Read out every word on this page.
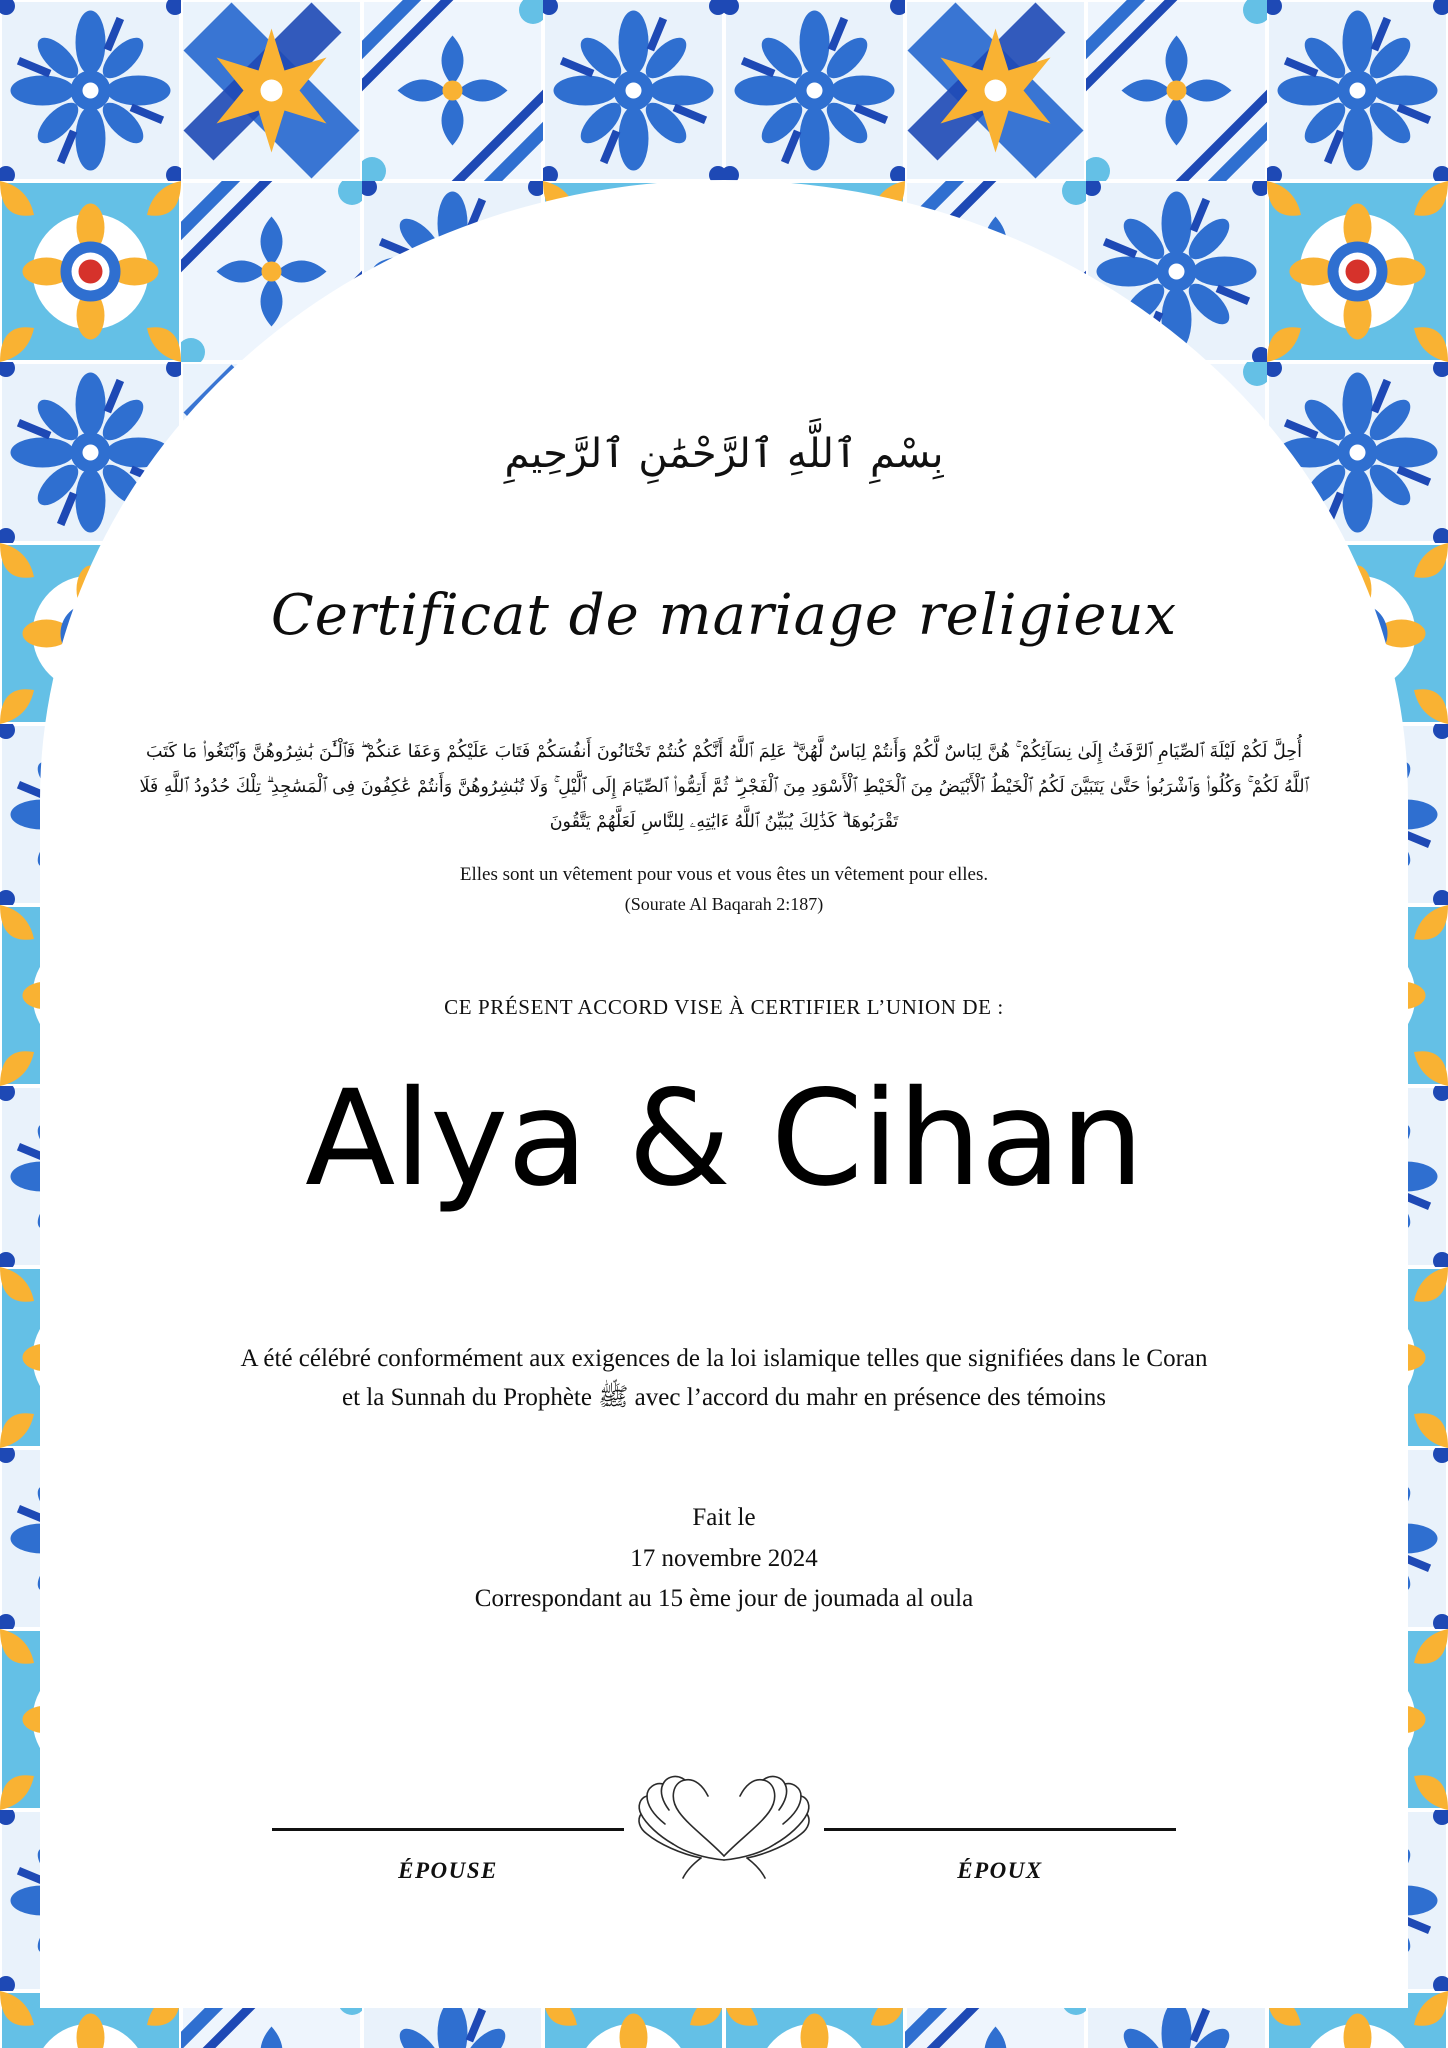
بِسْمِ ٱللَّهِ ٱلرَّحْمَٰنِ ٱلرَّحِيمِ
Certificat de mariage religieux
أُحِلَّ لَكُمْ لَيْلَةَ ٱلصِّيَامِ ٱلرَّفَثُ إِلَىٰ نِسَآئِكُمْ ۚ هُنَّ لِبَاسٌ لَّكُمْ وَأَنتُمْ لِبَاسٌ لَّهُنَّ ۗ عَلِمَ ٱللَّهُ أَنَّكُمْ كُنتُمْ تَخْتَانُونَ أَنفُسَكُمْ فَتَابَ عَلَيْكُمْ وَعَفَا عَنكُمْ ۖ فَٱلْـَٰٔنَ بَٰشِرُوهُنَّ وَٱبْتَغُوا۟ مَا كَتَبَ ٱللَّهُ لَكُمْ ۚ وَكُلُوا۟ وَٱشْرَبُوا۟ حَتَّىٰ يَتَبَيَّنَ لَكُمُ ٱلْخَيْطُ ٱلْأَبْيَضُ مِنَ ٱلْخَيْطِ ٱلْأَسْوَدِ مِنَ ٱلْفَجْرِ ۖ ثُمَّ أَتِمُّوا۟ ٱلصِّيَامَ إِلَى ٱلَّيْلِ ۚ وَلَا تُبَٰشِرُوهُنَّ وَأَنتُمْ عَٰكِفُونَ فِى ٱلْمَسَٰجِدِ ۗ تِلْكَ حُدُودُ ٱللَّهِ فَلَا تَقْرَبُوهَا ۗ كَذَٰلِكَ يُبَيِّنُ ٱللَّهُ ءَايَٰتِهِۦ لِلنَّاسِ لَعَلَّهُمْ يَتَّقُونَ
Elles sont un vêtement pour vous et vous êtes un vêtement pour elles.
(Sourate Al Baqarah 2:187)
CE PRÉSENT ACCORD VISE À CERTIFIER L’UNION DE :
Alya & Cihan
A été célébré conformément aux exigences de la loi islamique telles que signifiées dans le Coran
et la Sunnah du Prophète ﷺ avec l’accord du mahr en présence des témoins
Fait le
17 novembre 2024
Correspondant au 15 ème jour de joumada al oula
ÉPOUSE	ÉPOUX
